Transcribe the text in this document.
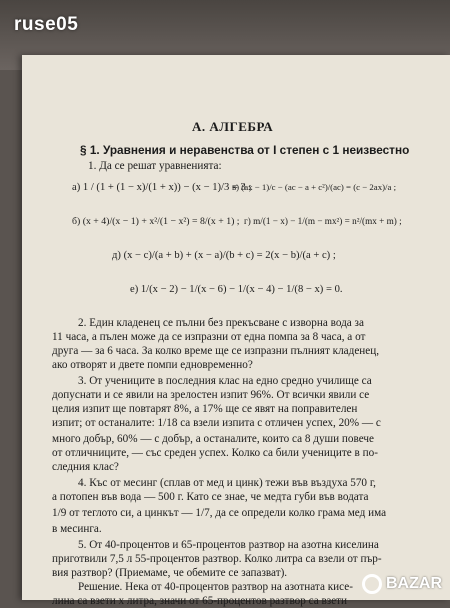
А. АЛГЕБРА
§ 1. Уравнения и неравенства от I степен с 1 неизвестно
1. Да се решат уравненията:
а) 1 / (1 + (1 − x)/(1 + x)) − (x − 1)/3 = 3 ;
в) (ax − 1)/c − (ac − a + c²)/(ac) = (c − 2ax)/a ;
б) (x + 4)/(x − 1) + x²/(1 − x²) = 8/(x + 1) ; г) m/(1 − x) − 1/(m − mx²) = n²/(mx + m) ;
д) (x − c)/(a + b) + (x − a)/(b + c) = 2(x − b)/(a + c) ;
е) 1/(x − 2) − 1/(x − 6) − 1/(x − 4) − 1/(8 − x) = 0.
2. Един кладенец се пълни без прекъсване с изворна вода за
11 часа, а пълен може да се изпразни от една помпа за 8 часа, а от
друга — за 6 часа. За колко време ще се изпразни пълният кладенец,
ако отворят и двете помпи едновременно?
3. От учениците в последния клас на едно средно училище са
допуснати и се явили на зрелостен изпит 96%. От всички явили се
целия изпит ще повтарят 8%, а 17% ще се явят на поправителен
изпит; от останалите: 1/18 са взели изпита с отличен успех, 20% — с
много добър, 60% — с добър, а останалите, които са 8 души повече
от отличниците, — със среден успех. Колко са били учениците в по-
следния клас?
4. Къс от месинг (сплав от мед и цинк) тежи във въздуха 570 г,
а потопен във вода — 500 г. Като се знае, че медта губи във водата
1/9 от теглото си, а цинкът — 1/7, да се определи колко грама мед има
в месинга.
5. От 40-процентов и 65-процентов разтвор на азотна киселина
приготвили 7,5 л 55-процентов разтвор. Колко литра са взели от пър-
вия разтвор? (Приемаме, че обемите се запазват).
Решение. Нека от 40-процентов разтвор на азотната кисе-
лина са взети x литра, значи от 65-процентов разтвор са взети
ruse05
BAZAR
